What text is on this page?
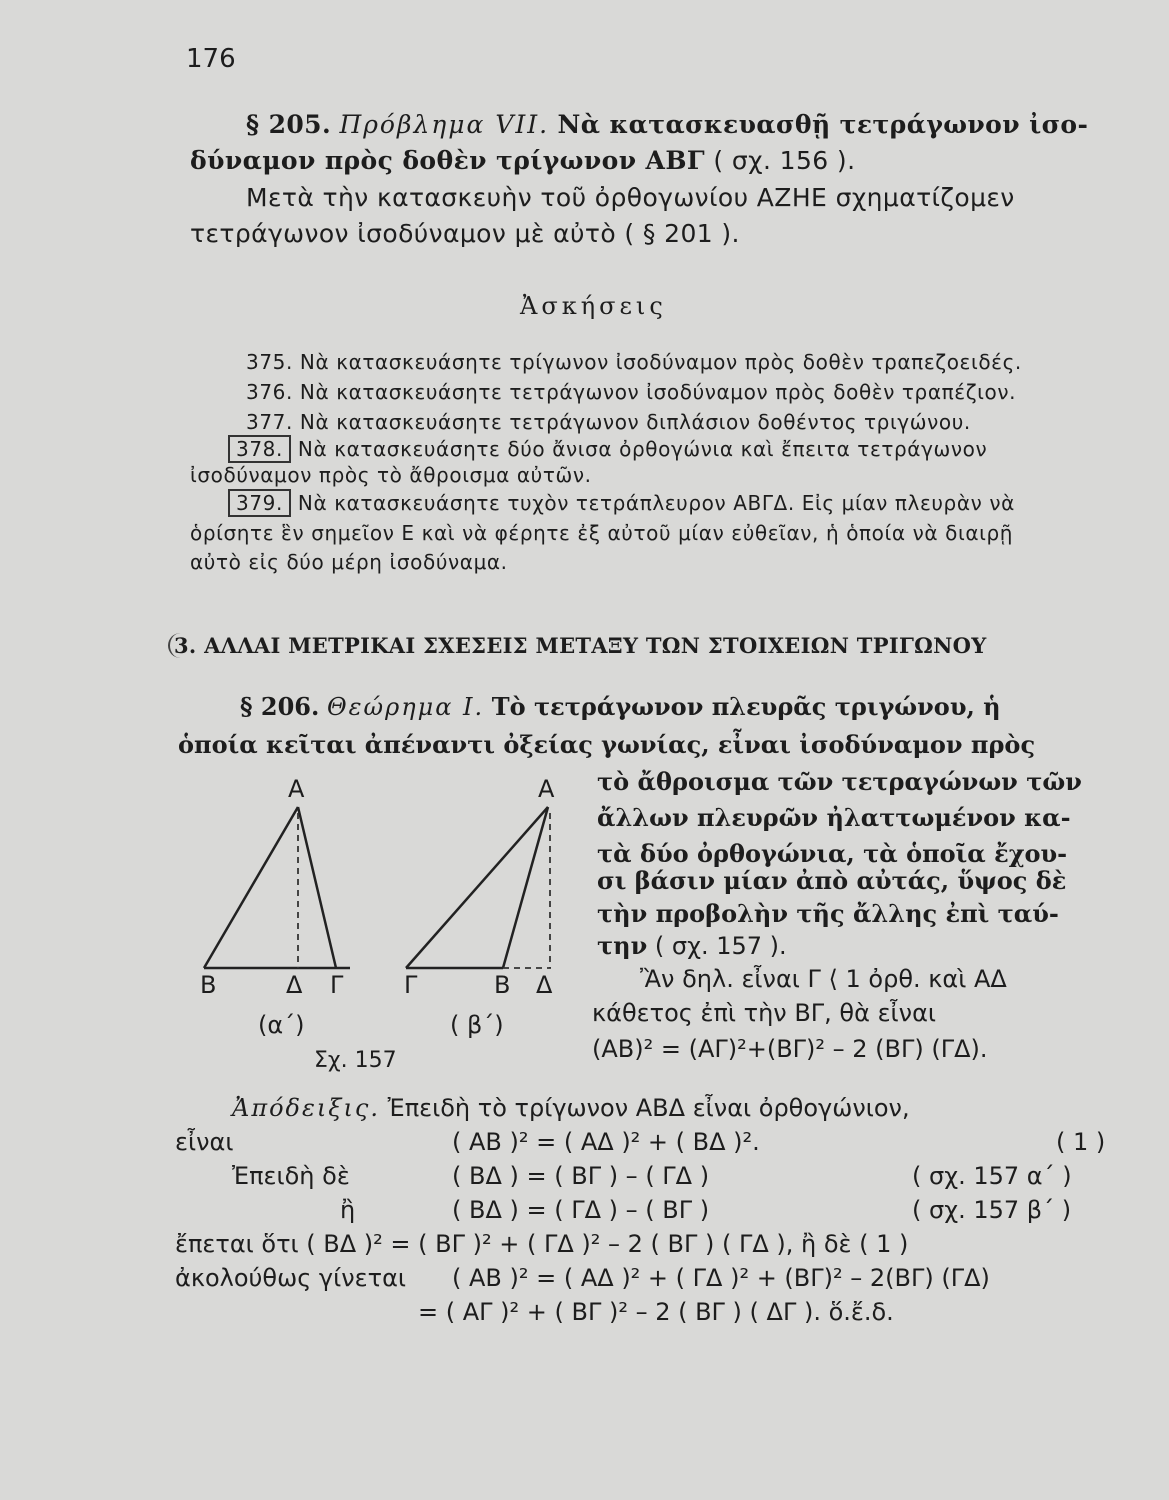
176
§ 205. Πρόβλημα VII. Νὰ κατασκευασθῇ τετράγωνον ἰσο-
δύναμον πρὸς δοθὲν τρίγωνον ΑΒΓ ( σχ. 156 ).
Μετὰ τὴν κατασκευὴν τοῦ ὀρθογωνίου ΑΖΗΕ σχηματίζομεν
τετράγωνον ἰσοδύναμον μὲ αὐτὸ ( § 201 ).
Ἀσκήσεις
375. Νὰ κατασκευάσητε τρίγωνον ἰσοδύναμον πρὸς δοθὲν τραπεζοειδές.
376. Νὰ κατασκευάσητε τετράγωνον ἰσοδύναμον πρὸς δοθὲν τραπέζιον.
377. Νὰ κατασκευάσητε τετράγωνον διπλάσιον δοθέντος τριγώνου.
378. Νὰ κατασκευάσητε δύο ἄνισα ὀρθογώνια καὶ ἔπειτα τετράγωνον
ἰσοδύναμον πρὸς τὸ ἄθροισμα αὐτῶν.
379. Νὰ κατασκευάσητε τυχὸν τετράπλευρον ΑΒΓΔ. Εἰς μίαν πλευρὰν νὰ
ὁρίσητε ἓν σημεῖον Ε καὶ νὰ φέρητε ἐξ αὐτοῦ μίαν εὐθεῖαν, ἡ ὁποία νὰ διαιρῇ
αὐτὸ εἰς δύο μέρη ἰσοδύναμα.
3. ΑΛΛΑΙ ΜΕΤΡΙΚΑΙ ΣΧΕΣΕΙΣ ΜΕΤΑΞΥ ΤΩΝ ΣΤΟΙΧΕΙΩΝ ΤΡΙΓΩΝΟΥ
§ 206. Θεώρημα I. Τὸ τετράγωνον πλευρᾶς τριγώνου, ἡ
ὁποία κεῖται ἀπέναντι ὀξείας γωνίας, εἶναι ἰσοδύναμον πρὸς
τὸ ἄθροισμα τῶν τετραγώνων τῶν
ἄλλων πλευρῶν ἠλαττωμένον κα-
τὰ δύο ὀρθογώνια, τὰ ὁποῖα ἔχου-
σι βάσιν μίαν ἀπὸ αὐτάς, ὕψος δὲ
τὴν προβολὴν τῆς ἄλλης ἐπὶ ταύ-
την ( σχ. 157 ).
Ἂν δηλ. εἶναι Γ ⟨ 1 ὀρθ. καὶ ΑΔ
κάθετος ἐπὶ τὴν ΒΓ, θὰ εἶναι
(ΑΒ)² = (ΑΓ)²+(ΒΓ)² – 2 (ΒΓ) (ΓΔ).
Α
Β	Δ Γ
(α΄)
Α
Γ	Β Δ
( β΄)
Σχ. 157
Ἀπόδειξις. Ἐπειδὴ τὸ τρίγωνον ΑΒΔ εἶναι ὀρθογώνιον,
εἶναι	( ΑΒ )² = ( ΑΔ )² + ( ΒΔ )².	( 1 )
Ἐπειδὴ δὲ	( ΒΔ ) = ( ΒΓ ) – ( ΓΔ )	( σχ. 157 α΄ )
ἢ	( ΒΔ ) = ( ΓΔ ) – ( ΒΓ )	( σχ. 157 β΄ )
ἔπεται ὅτι ( ΒΔ )² = ( ΒΓ )² + ( ΓΔ )² – 2 ( ΒΓ ) ( ΓΔ ), ἢ δὲ ( 1 )
ἀκολούθως γίνεται ( ΑΒ )² = ( ΑΔ )² + ( ΓΔ )² + (ΒΓ)² – 2(ΒΓ) (ΓΔ)
= ( ΑΓ )² + ( ΒΓ )² – 2 ( ΒΓ ) ( ΔΓ ). ὅ.ἔ.δ.
